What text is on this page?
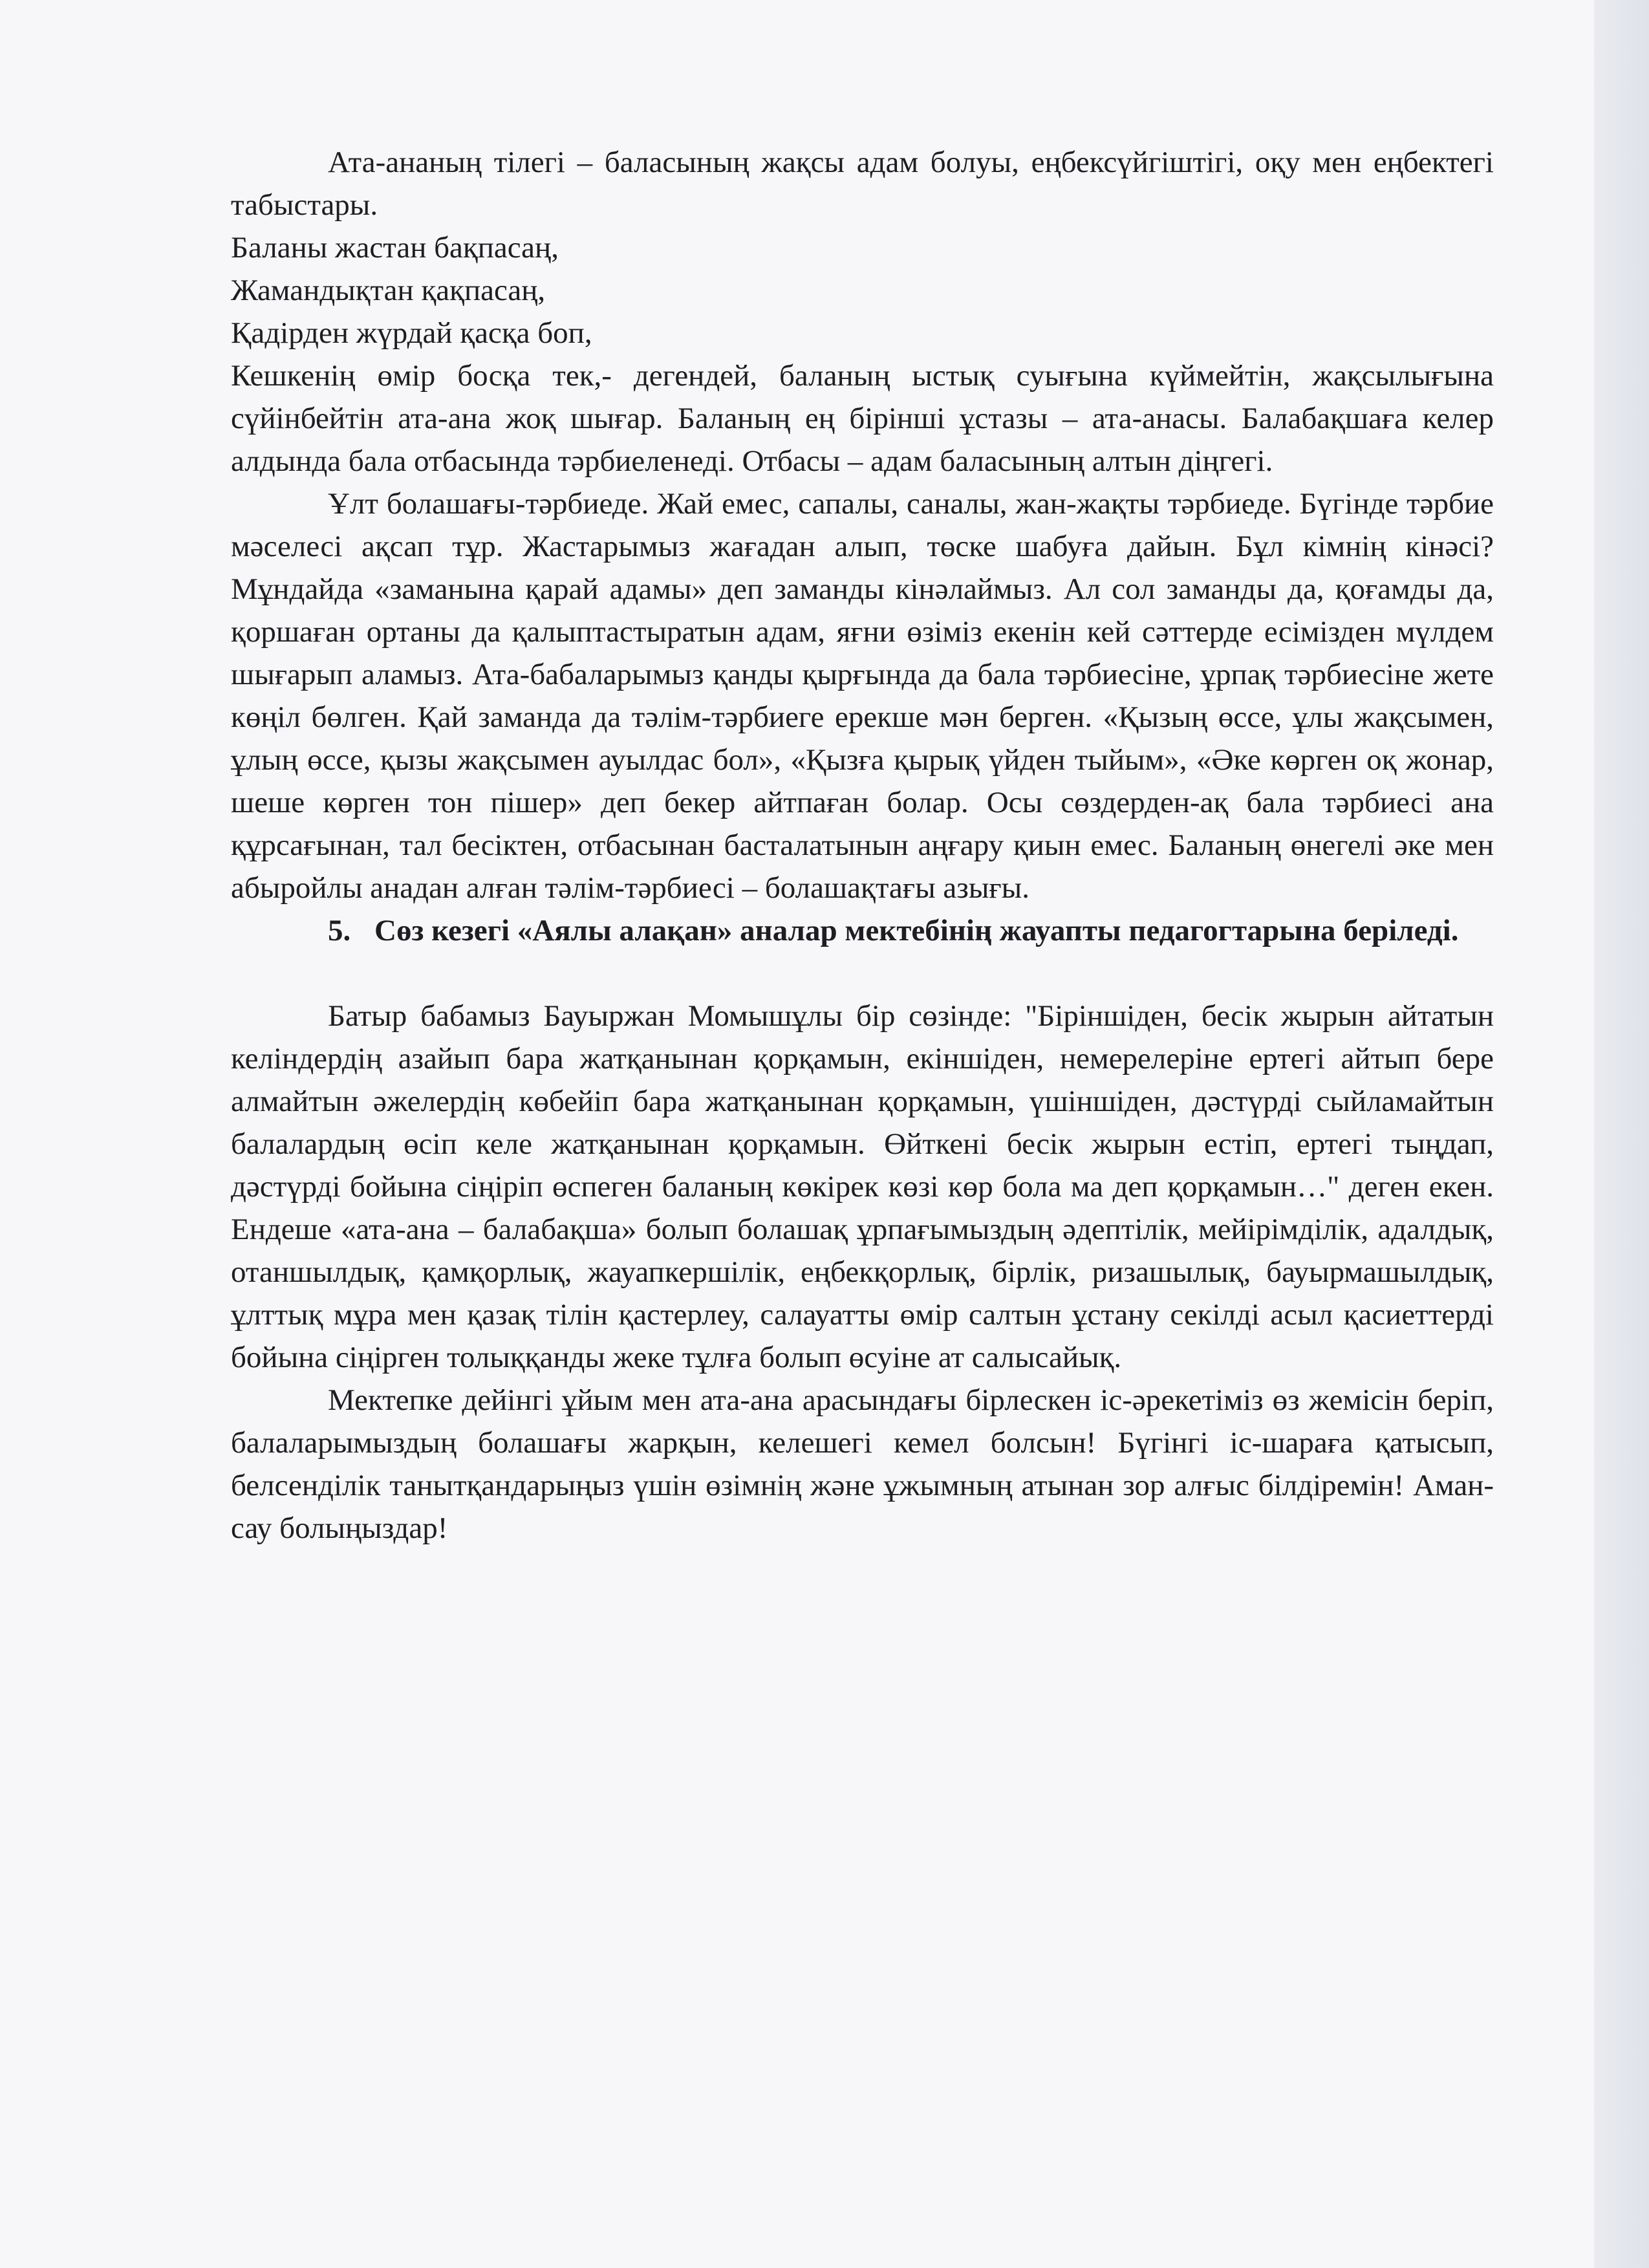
Ата-ананың тілегі – баласының жақсы адам болуы, еңбексүйгіштігі, оқу мен еңбектегі табыстары.

Баланы жастан бақпасаң,

Жамандықтан қақпасаң,

Қадірден жүрдай қасқа боп,

Кешкенің өмір босқа тек,- дегендей, баланың ыстық суығына күймейтін, жақсылығына сүйінбейтін ата-ана жоқ шығар. Баланың ең бірінші ұстазы – ата-анасы. Балабақшаға келер алдында бала отбасында тәрбиеленеді. Отбасы – адам баласының алтын діңгегі.

Ұлт болашағы-тәрбиеде. Жай емес, сапалы, саналы, жан-жақты тәрбиеде. Бүгінде тәрбие мәселесі ақсап тұр. Жастарымыз жағадан алып, төске шабуға дайын. Бұл кімнің кінәсі? Мұндайда «заманына қарай адамы» деп заманды кінәлаймыз. Ал сол заманды да, қоғамды да, қоршаған ортаны да қалыптастыратын адам, яғни өзіміз екенін кей сәттерде есімізден мүлдем шығарып аламыз. Ата-бабаларымыз қанды қырғында да бала тәрбиесіне, ұрпақ тәрбиесіне жете көңіл бөлген. Қай заманда да тәлім-тәрбиеге ерекше мән берген. «Қызың өссе, ұлы жақсымен, ұлың өссе, қызы жақсымен ауылдас бол», «Қызға қырық үйден тыйым», «Әке көрген оқ жонар, шеше көрген тон пішер» деп бекер айтпаған болар. Осы сөздерден-ақ бала тәрбиесі ана құрсағынан, тал бесіктен, отбасынан басталатынын аңғару қиын емес. Баланың өнегелі әке мен абыройлы анадан алған тәлім-тәрбиесі – болашақтағы азығы.

5. Сөз кезегі «Аялы алақан» аналар мектебінің жауапты педагогтарына беріледі.

Батыр бабамыз Бауыржан Момышұлы бір сөзінде: "Біріншіден, бесік жырын айтатын келіндердің азайып бара жатқанынан қорқамын, екіншіден, немерелеріне ертегі айтып бере алмайтын әжелердің көбейіп бара жатқанынан қорқамын, үшіншіден, дәстүрді сыйламайтын балалардың өсіп келе жатқанынан қорқамын. Өйткені бесік жырын естіп, ертегі тыңдап, дәстүрді бойына сіңіріп өспеген баланың көкірек көзі көр бола ма деп қорқамын…" деген екен. Ендеше «ата-ана – балабақша» болып болашақ ұрпағымыздың әдептілік, мейірімділік, адалдық, отаншылдық, қамқорлық, жауапкершілік, еңбекқорлық, бірлік, ризашылық, бауырмашылдық, ұлттық мұра мен қазақ тілін қастерлеу, салауатты өмір салтын ұстану секілді асыл қасиеттерді бойына сіңірген толыққанды жеке тұлға болып өсуіне ат салысайық.

Мектепке дейінгі ұйым мен ата-ана арасындағы бірлескен іс-әрекетіміз өз жемісін беріп, балаларымыздың болашағы жарқын, келешегі кемел болсын! Бүгінгі іс-шараға қатысып, белсенділік танытқандарыңыз үшін өзімнің және ұжымның атынан зор алғыс білдіремін! Аман-сау болыңыздар!
